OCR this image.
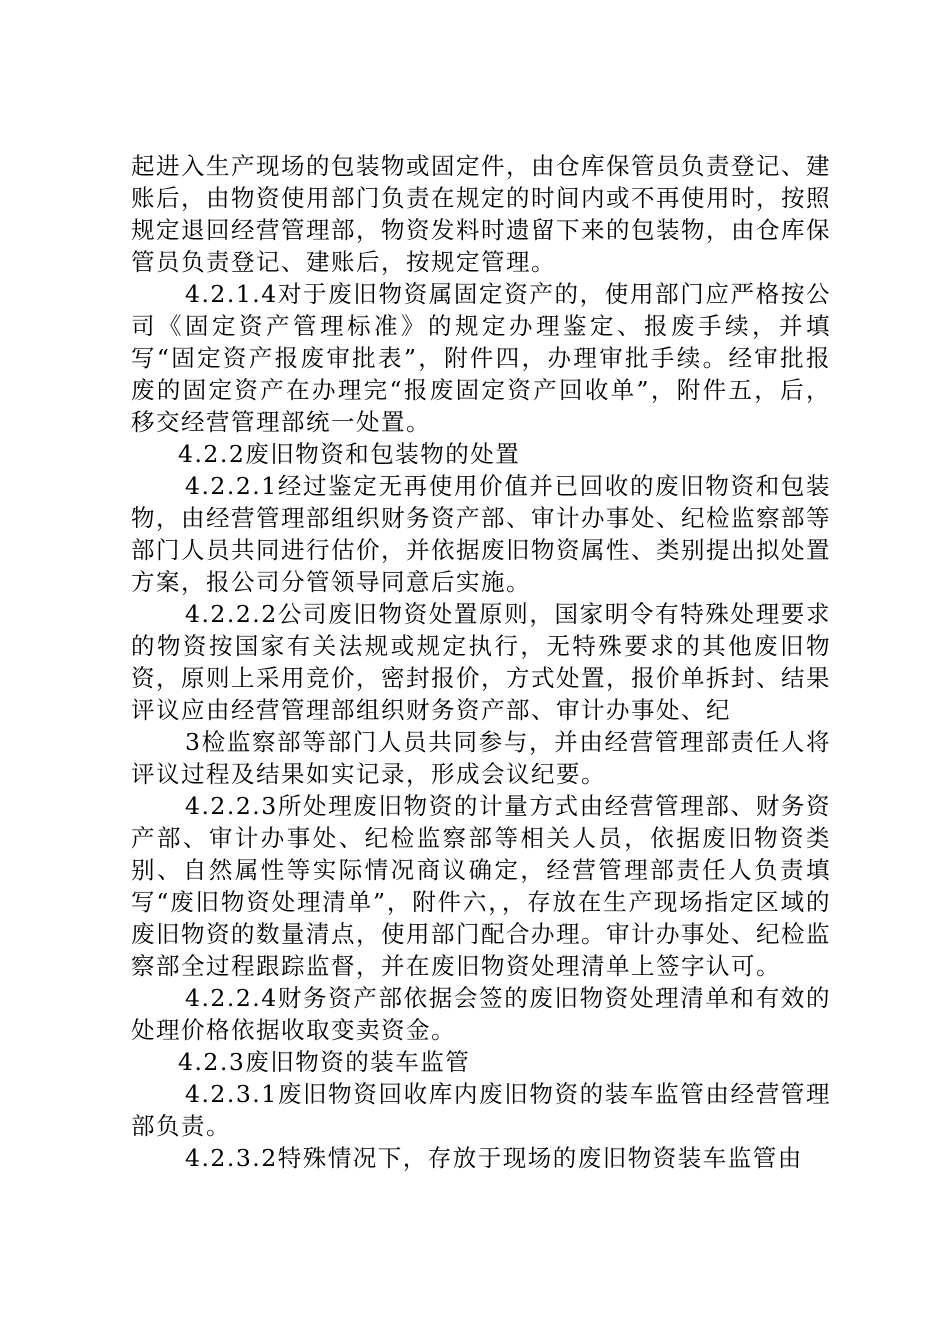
起进入生产现场的包装物或固定件，由仓库保管员负责登记、建账后，由物资使用部门负责在规定的时间内或不再使用时，按照规定退回经营管理部，物资发料时遗留下来的包装物，由仓库保管员负责登记、建账后，按规定管理。

4.2.1.4对于废旧物资属固定资产的，使用部门应严格按公司《固定资产管理标准》的规定办理鉴定、报废手续，并填写“固定资产报废审批表”，附件四，办理审批手续。经审批报废的固定资产在办理完“报废固定资产回收单”，附件五，后，移交经营管理部统一处置。

4.2.2废旧物资和包装物的处置

4.2.2.1经过鉴定无再使用价值并已回收的废旧物资和包装物，由经营管理部组织财务资产部、审计办事处、纪检监察部等部门人员共同进行估价，并依据废旧物资属性、类别提出拟处置方案，报公司分管领导同意后实施。

4.2.2.2公司废旧物资处置原则，国家明令有特殊处理要求的物资按国家有关法规或规定执行，无特殊要求的其他废旧物资，原则上采用竞价，密封报价，方式处置，报价单拆封、结果评议应由经营管理部组织财务资产部、审计办事处、纪

3检监察部等部门人员共同参与，并由经营管理部责任人将评议过程及结果如实记录，形成会议纪要。

4.2.2.3所处理废旧物资的计量方式由经营管理部、财务资产部、审计办事处、纪检监察部等相关人员，依据废旧物资类别、自然属性等实际情况商议确定，经营管理部责任人负责填写“废旧物资处理清单”，附件六，，存放在生产现场指定区域的废旧物资的数量清点，使用部门配合办理。审计办事处、纪检监察部全过程跟踪监督，并在废旧物资处理清单上签字认可。

4.2.2.4财务资产部依据会签的废旧物资处理清单和有效的处理价格依据收取变卖资金。

4.2.3废旧物资的装车监管

4.2.3.1废旧物资回收库内废旧物资的装车监管由经营管理部负责。

4.2.3.2特殊情况下，存放于现场的废旧物资装车监管由
